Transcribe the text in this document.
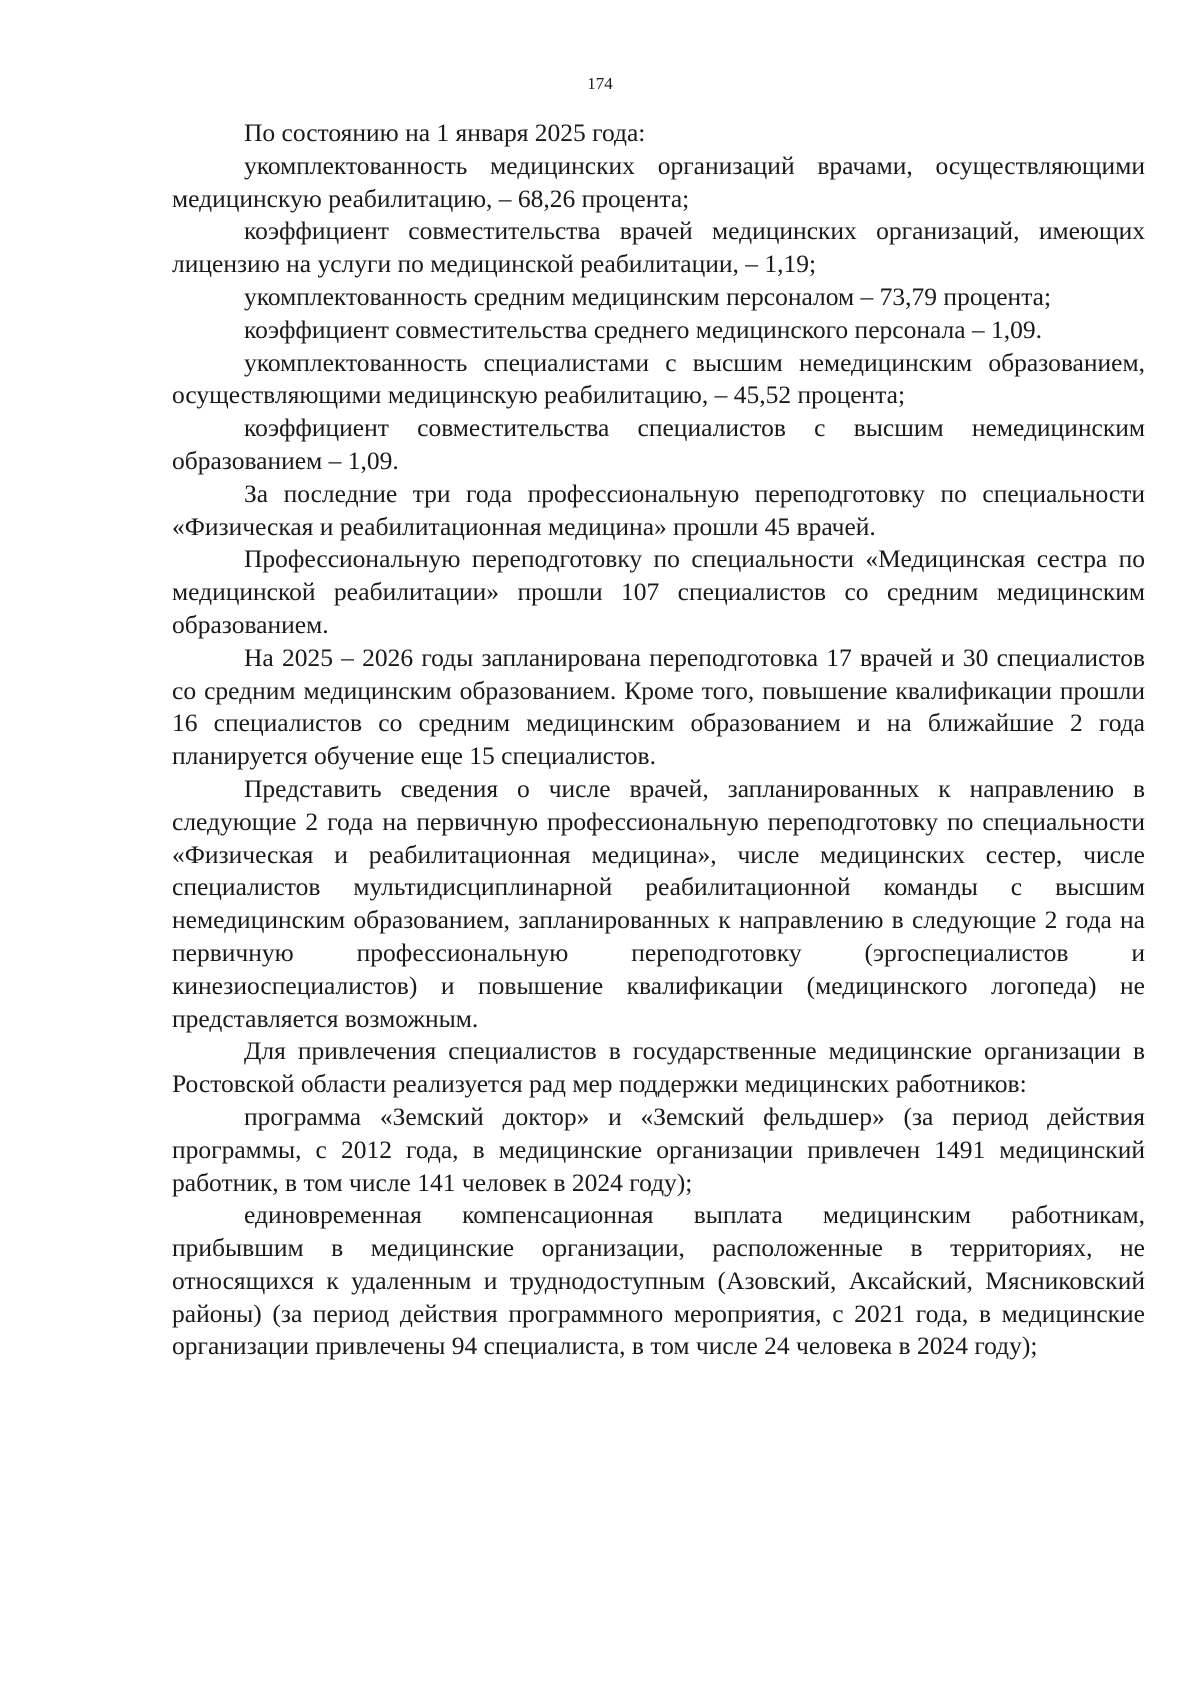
174

По состоянию на 1 января 2025 года:

укомплектованность медицинских организаций врачами, осуществляющими медицинскую реабилитацию, – 68,26 процента;

коэффициент совместительства врачей медицинских организаций, имеющих лицензию на услуги по медицинской реабилитации, – 1,19;

укомплектованность средним медицинским персоналом – 73,79 процента;

коэффициент совместительства среднего медицинского персонала – 1,09.

укомплектованность специалистами с высшим немедицинским образованием, осуществляющими медицинскую реабилитацию, – 45,52 процента;

коэффициент совместительства специалистов с высшим немедицинским образованием – 1,09.

За последние три года профессиональную переподготовку по специальности «Физическая и реабилитационная медицина» прошли 45 врачей.

Профессиональную переподготовку по специальности «Медицинская сестра по медицинской реабилитации» прошли 107 специалистов со средним медицинским образованием.

На 2025 – 2026 годы запланирована переподготовка 17 врачей и 30 специалистов со средним медицинским образованием. Кроме того, повышение квалификации прошли 16 специалистов со средним медицинским образованием и на ближайшие 2 года планируется обучение еще 15 специалистов.

Представить сведения о числе врачей, запланированных к направлению в следующие 2 года на первичную профессиональную переподготовку по специальности «Физическая и реабилитационная медицина», числе медицинских сестер, числе специалистов мультидисциплинарной реабилитационной команды с высшим немедицинским образованием, запланированных к направлению в следующие 2 года на первичную профессиональную переподготовку (эргоспециалистов и кинезиоспециалистов) и повышение квалификации (медицинского логопеда) не представляется возможным.

Для привлечения специалистов в государственные медицинские организации в Ростовской области реализуется рад мер поддержки медицинских работников:

программа «Земский доктор» и «Земский фельдшер» (за период действия программы, с 2012 года, в медицинские организации привлечен 1491 медицинский работник, в том числе 141 человек в 2024 году);

единовременная компенсационная выплата медицинским работникам, прибывшим в медицинские организации, расположенные в территориях, не относящихся к удаленным и труднодоступным (Азовский, Аксайский, Мясниковский районы) (за период действия программного мероприятия, с 2021 года, в медицинские организации привлечены 94 специалиста, в том числе 24 человека в 2024 году);
